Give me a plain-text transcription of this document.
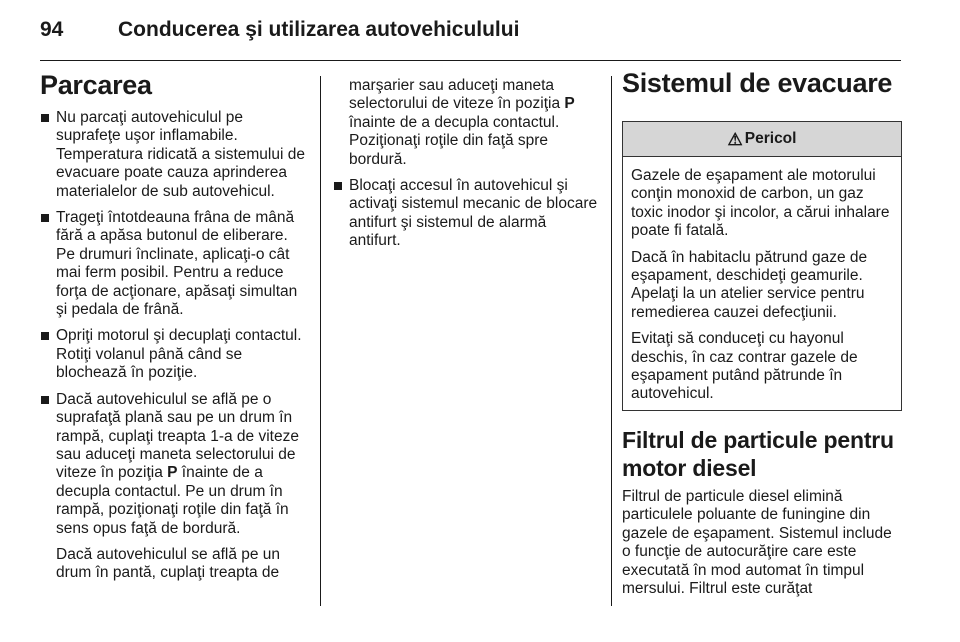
94	Conducerea şi utilizarea autovehiculului
Parcarea

Nu parcaţi autovehiculul pe suprafeţe uşor inflamabile. Temperatura ridicată a sistemului de evacuare poate cauza aprinderea materialelor de sub autovehicul.

Trageţi întotdeauna frâna de mână fără a apăsa butonul de eliberare. Pe drumuri înclinate, aplicaţi-o cât mai ferm posibil. Pentru a reduce forţa de acţionare, apăsaţi simultan şi pedala de frână.

Opriţi motorul şi decuplaţi contactul. Rotiţi volanul până când se blochează în poziţie.

Dacă autovehiculul se află pe o suprafaţă plană sau pe un drum în rampă, cuplaţi treapta 1-a de viteze sau aduceţi maneta selectorului de viteze în poziţia P înainte de a decupla contactul. Pe un drum în rampă, poziţionaţi roţile din faţă în sens opus faţă de bordură.

Dacă autovehiculul se află pe un drum în pantă, cuplaţi treapta de

marşarier sau aduceţi maneta selectorului de viteze în poziţia P înainte de a decupla contactul. Poziţionaţi roţile din faţă spre bordură.

Blocaţi accesul în autovehicul şi activaţi sistemul mecanic de blocare antifurt şi sistemul de alarmă antifurt.

Sistemul de evacuare
⚠ Pericol

Gazele de eşapament ale motorului conţin monoxid de carbon, un gaz toxic inodor şi incolor, a cărui inhalare poate fi fatală.

Dacă în habitaclu pătrund gaze de eşapament, deschideţi geamurile. Apelaţi la un atelier service pentru remedierea cauzei defecţiunii.

Evitaţi să conduceţi cu hayonul deschis, în caz contrar gazele de eşapament putând pătrunde în autovehicul.

Filtrul de particule pentru motor diesel

Filtrul de particule diesel elimină particulele poluante de funingine din gazele de eşapament. Sistemul include o funcţie de autocurăţire care este executată în mod automat în timpul mersului. Filtrul este curăţat
